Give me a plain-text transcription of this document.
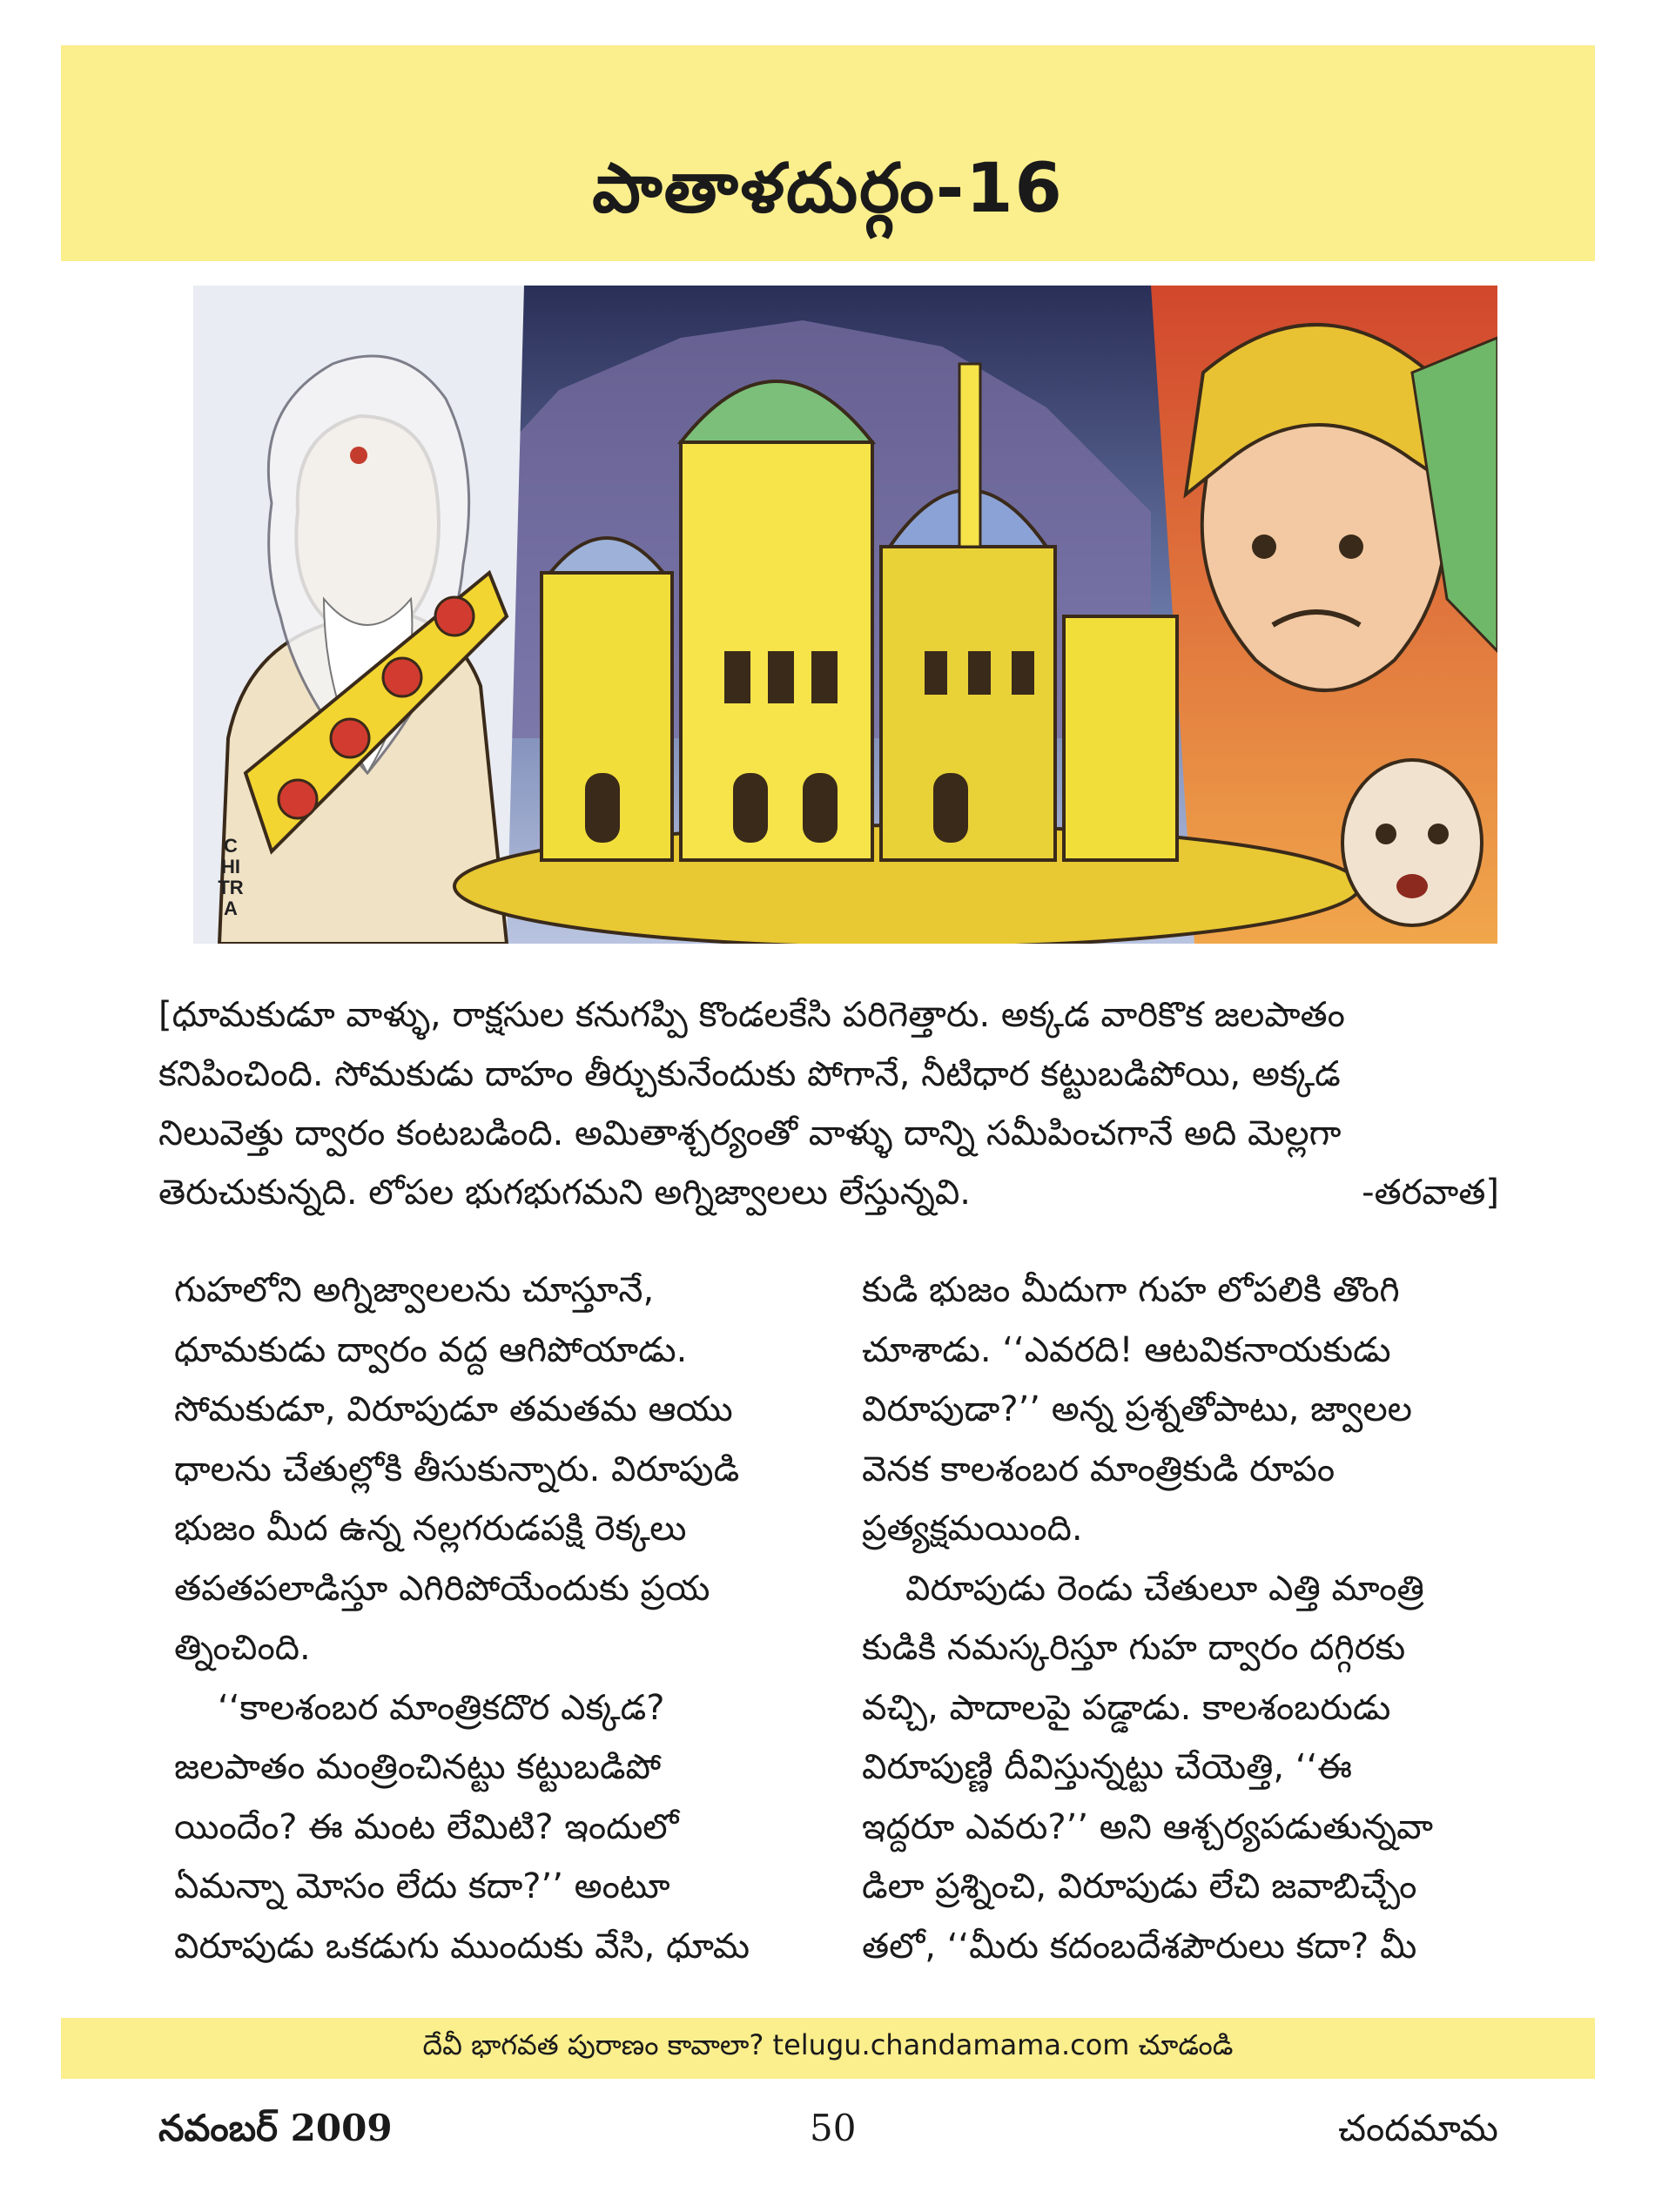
పాతాళదుర్గం-16
CHITRA

[ధూమకుడూ వాళ్ళు, రాక్షసుల కనుగప్పి కొండలకేసి పరిగెత్తారు. అక్కడ వారికొక జలపాతం

కనిపించింది. సోమకుడు దాహం తీర్చుకునేందుకు పోగానే, నీటిధార కట్టుబడిపోయి, అక్కడ

నిలువెత్తు ద్వారం కంటబడింది. అమితాశ్చర్యంతో వాళ్ళు దాన్ని సమీపించగానే అది మెల్లగా

తెరుచుకున్నది. లోపల భుగభుగమని అగ్నిజ్వాలలు లేస్తున్నవి.	-తరవాత]

గుహలోని అగ్నిజ్వాలలను చూస్తూనే,

ధూమకుడు ద్వారం వద్ద ఆగిపోయాడు.

సోమకుడూ, విరూపుడూ తమతమ ఆయు

ధాలను చేతుల్లోకి తీసుకున్నారు. విరూపుడి

భుజం మీద ఉన్న నల్లగరుడపక్షి రెక్కలు

తపతపలాడిస్తూ ఎగిరిపోయేందుకు ప్రయ

త్నించింది.

‘‘కాలశంబర మాంత్రికదొర ఎక్కడ?

జలపాతం మంత్రించినట్టు కట్టుబడిపో

యిందేం? ఈ మంట లేమిటి? ఇందులో

ఏమన్నా మోసం లేదు కదా?’’ అంటూ

విరూపుడు ఒకడుగు ముందుకు వేసి, ధూమ

కుడి భుజం మీదుగా గుహ లోపలికి తొంగి

చూశాడు. ‘‘ఎవరది! ఆటవికనాయకుడు

విరూపుడా?’’ అన్న ప్రశ్నతోపాటు, జ్వాలల

వెనక కాలశంబర మాంత్రికుడి రూపం

ప్రత్యక్షమయింది.

విరూపుడు రెండు చేతులూ ఎత్తి మాంత్రి

కుడికి నమస్కరిస్తూ గుహ ద్వారం దగ్గిరకు

వచ్చి, పాదాలపై పడ్డాడు. కాలశంబరుడు

విరూపుణ్ణి దీవిస్తున్నట్టు చేయెత్తి, ‘‘ఈ

ఇద్దరూ ఎవరు?’’ అని ఆశ్చర్యపడుతున్నవా

డిలా ప్రశ్నించి, విరూపుడు లేచి జవాబిచ్చేం

తలో, ‘‘మీరు కదంబదేశపౌరులు కదా? మీ

దేవీ భాగవత పురాణం కావాలా? telugu.chandamama.com చూడండి
నవంబర్ 2009	50	చందమామ
